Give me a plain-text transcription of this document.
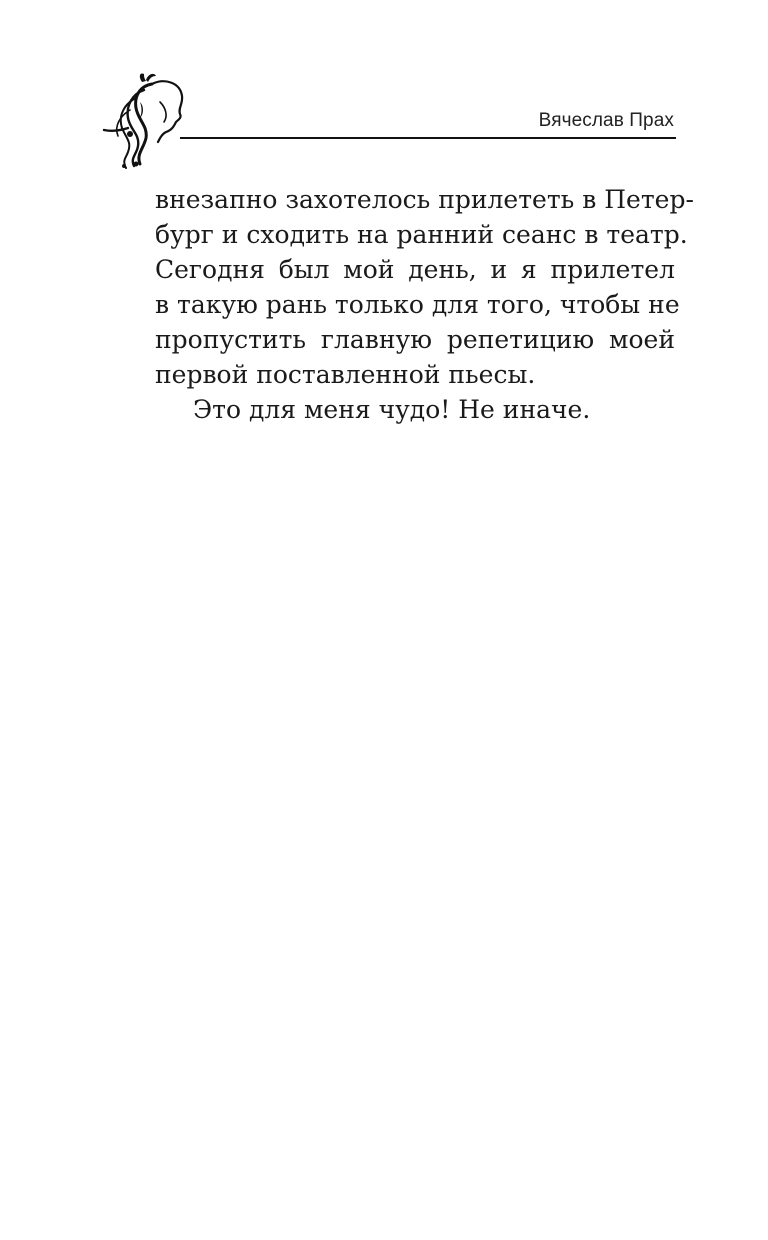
Вячеслав Прах

внезапно захотелось прилететь в Петер-
бург и сходить на ранний сеанс в театр.
Сегодня был мой день, и я прилетел
в такую рань только для того, чтобы не
пропустить главную репетицию моей
первой поставленной пьесы.

Это для меня чудо! Не иначе.
